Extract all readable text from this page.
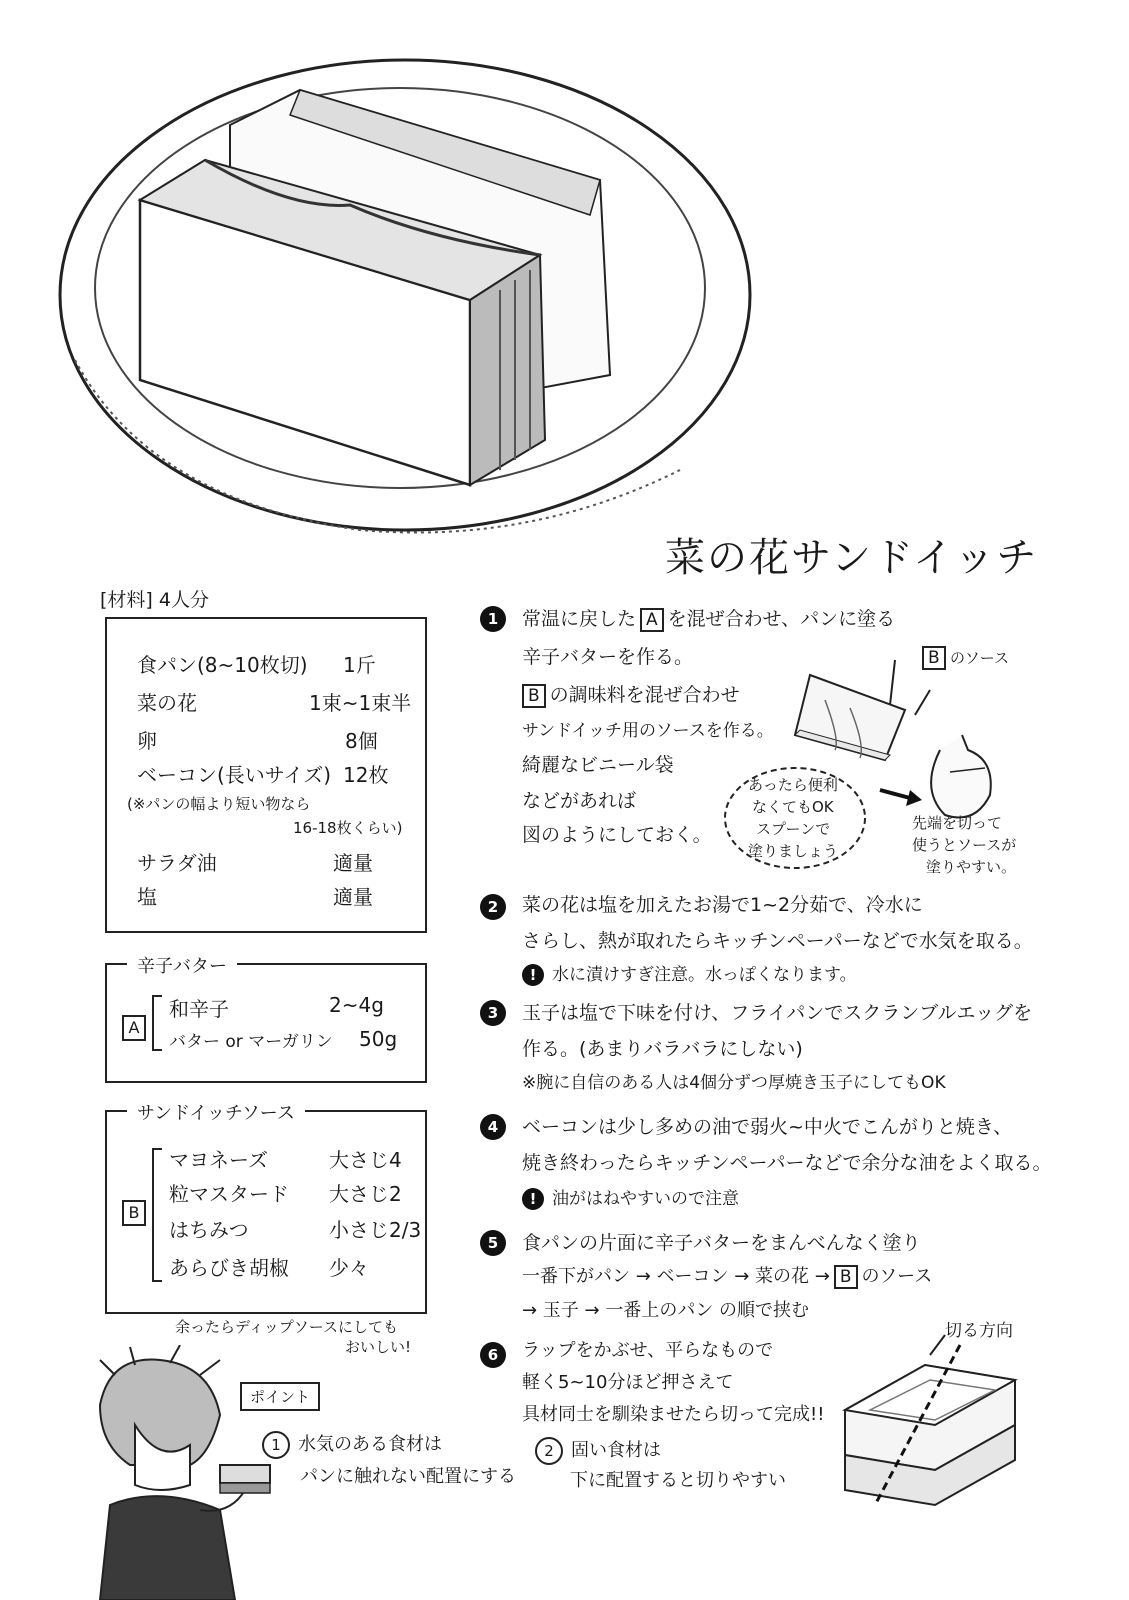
菜の花サンドイッチ
[材料] 4人分
食パン(8~10枚切) 1斤
菜の花	1束~1束半
卵	8個
ベーコン(長いサイズ) 12枚
(※パンの幅より短い物なら
16-18枚くらい)
サラダ油	適量
塩	適量
辛子バター
A
和辛子	2~4g
バター or マーガリン 50g
サンドイッチソース
B
マヨネーズ	大さじ4
粒マスタード 大さじ2
はちみつ	小さじ2/3
あらびき胡椒 少々
余ったらディップソースにしても
おいしい!
1	常温に戻した A を混ぜ合わせ、パンに塗る
辛子バターを作る。
B の調味料を混ぜ合わせ
サンドイッチ用のソースを作る。
綺麗なビニール袋
などがあれば
図のようにしておく。
B のソース
あったら便利
なくてもOK
スプーンで
塗りましょう
先端を切って
使うとソースが
塗りやすい。
2	菜の花は塩を加えたお湯で1~2分茹で、冷水に
さらし、熱が取れたらキッチンペーパーなどで水気を取る。
! 水に漬けすぎ注意。水っぽくなります。
3	玉子は塩で下味を付け、フライパンでスクランブルエッグを
作る。(あまりバラバラにしない)
※腕に自信のある人は4個分ずつ厚焼き玉子にしてもOK
4	ベーコンは少し多めの油で弱火~中火でこんがりと焼き、
焼き終わったらキッチンペーパーなどで余分な油をよく取る。
! 油がはねやすいので注意
5	食パンの片面に辛子バターをまんべんなく塗り
一番下がパン → ベーコン → 菜の花 → B のソース
→ 玉子 → 一番上のパン の順で挟む
6	ラップをかぶせ、平らなもので
軽く5~10分ほど押さえて
具材同士を馴染ませたら切って完成!!
切る方向
ポイント
1 水気のある食材は
パンに触れない配置にする
2 固い食材は
下に配置すると切りやすい
